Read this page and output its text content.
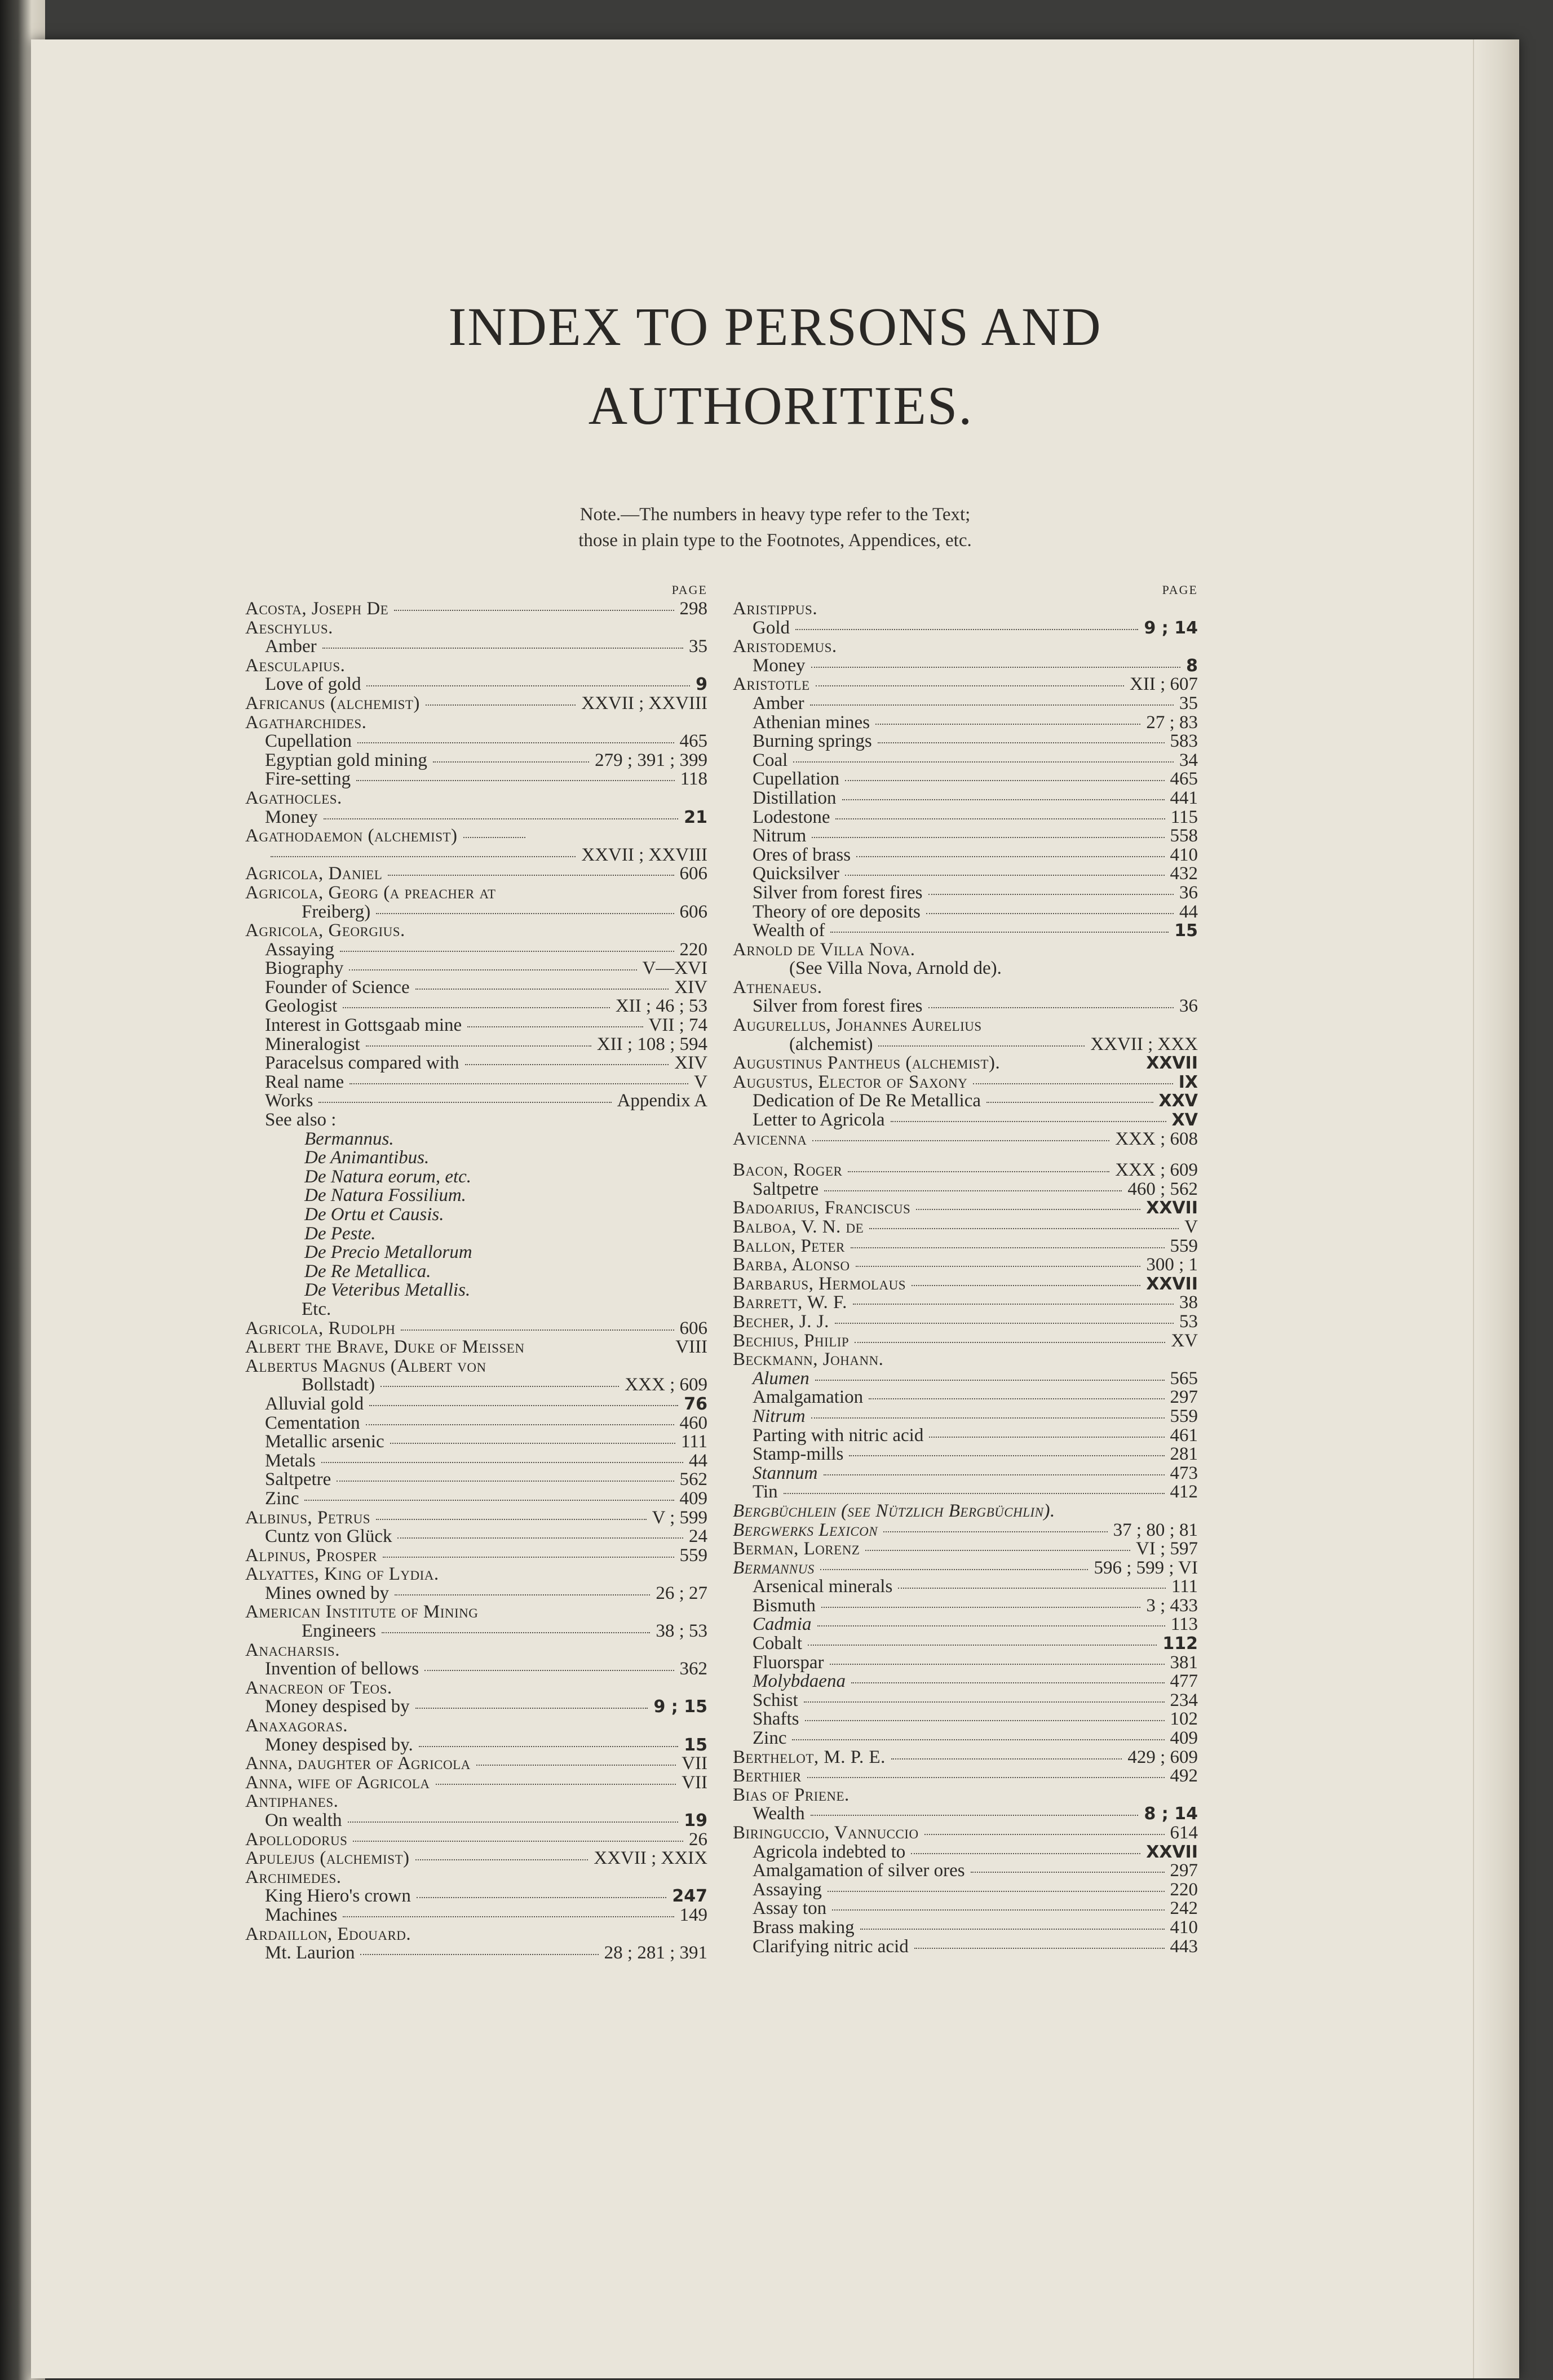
INDEX TO PERSONS AND
AUTHORITIES.
Note.—The numbers in heavy type refer to the Text;
those in plain type to the Footnotes, Appendices, etc.
PAGE
Acosta, Joseph De	298
Aeschylus.
Amber	35
Aesculapius.
Love of gold	9
Africanus (alchemist)	XXVII ; XXVIII
Agatharchides.
Cupellation	465
Egyptian gold mining	279 ; 391 ; 399
Fire-setting	118
Agathocles.
Money	21
Agathodaemon (alchemist)
XXVII ; XXVIII
Agricola, Daniel	606
Agricola, Georg (a preacher at
Freiberg)	606
Agricola, Georgius.
Assaying	220
Biography	V—XVI
Founder of Science	XIV
Geologist	XII ; 46 ; 53
Interest in Gottsgaab mine	VII ; 74
Mineralogist	XII ; 108 ; 594
Paracelsus compared with	XIV
Real name	V
Works	Appendix A
See also :
Bermannus.
De Animantibus.
De Natura eorum, etc.
De Natura Fossilium.
De Ortu et Causis.
De Peste.
De Precio Metallorum
De Re Metallica.
De Veteribus Metallis.
Etc.
Agricola, Rudolph	606
Albert the Brave, Duke of Meissen	VIII
Albertus Magnus (Albert von
Bollstadt)	XXX ; 609
Alluvial gold	76
Cementation	460
Metallic arsenic	111
Metals	44
Saltpetre	562
Zinc	409
Albinus, Petrus	V ; 599
Cuntz von Glück	24
Alpinus, Prosper	559
Alyattes, King of Lydia.
Mines owned by	26 ; 27
American Institute of Mining
Engineers	38 ; 53
Anacharsis.
Invention of bellows	362
Anacreon of Teos.
Money despised by	9 ; 15
Anaxagoras.
Money despised by.	15
Anna, daughter of Agricola	VII
Anna, wife of Agricola	VII
Antiphanes.
On wealth	19
Apollodorus	26
Apulejus (alchemist)	XXVII ; XXIX
Archimedes.
King Hiero's crown	247
Machines	149
Ardaillon, Edouard.
Mt. Laurion	28 ; 281 ; 391
PAGE
Aristippus.
Gold	9 ; 14
Aristodemus.
Money	8
Aristotle	XII ; 607
Amber	35
Athenian mines	27 ; 83
Burning springs	583
Coal	34
Cupellation	465
Distillation	441
Lodestone	115
Nitrum	558
Ores of brass	410
Quicksilver	432
Silver from forest fires	36
Theory of ore deposits	44
Wealth of	15
Arnold de Villa Nova.
(See Villa Nova, Arnold de).
Athenaeus.
Silver from forest fires	36
Augurellus, Johannes Aurelius
(alchemist)	XXVII ; XXX
Augustinus Pantheus (alchemist).	XXVII
Augustus, Elector of Saxony	IX
Dedication of De Re Metallica	XXV
Letter to Agricola	XV
Avicenna	XXX ; 608
Bacon, Roger	XXX ; 609
Saltpetre	460 ; 562
Badoarius, Franciscus	XXVII
Balboa, V. N. de	V
Ballon, Peter	559
Barba, Alonso	300 ; 1
Barbarus, Hermolaus	XXVII
Barrett, W. F.	38
Becher, J. J.	53
Bechius, Philip	XV
Beckmann, Johann.
Alumen	565
Amalgamation	297
Nitrum	559
Parting with nitric acid	461
Stamp-mills	281
Stannum	473
Tin	412
Bergbüchlein (see Nützlich Bergbüchlin).
Bergwerks Lexicon	37 ; 80 ; 81
Berman, Lorenz	VI ; 597
Bermannus	596 ; 599 ; VI
Arsenical minerals	111
Bismuth	3 ; 433
Cadmia	113
Cobalt	112
Fluorspar	381
Molybdaena	477
Schist	234
Shafts	102
Zinc	409
Berthelot, M. P. E.	429 ; 609
Berthier	492
Bias of Priene.
Wealth	8 ; 14
Biringuccio, Vannuccio	614
Agricola indebted to	XXVII
Amalgamation of silver ores	297
Assaying	220
Assay ton	242
Brass making	410
Clarifying nitric acid	443
